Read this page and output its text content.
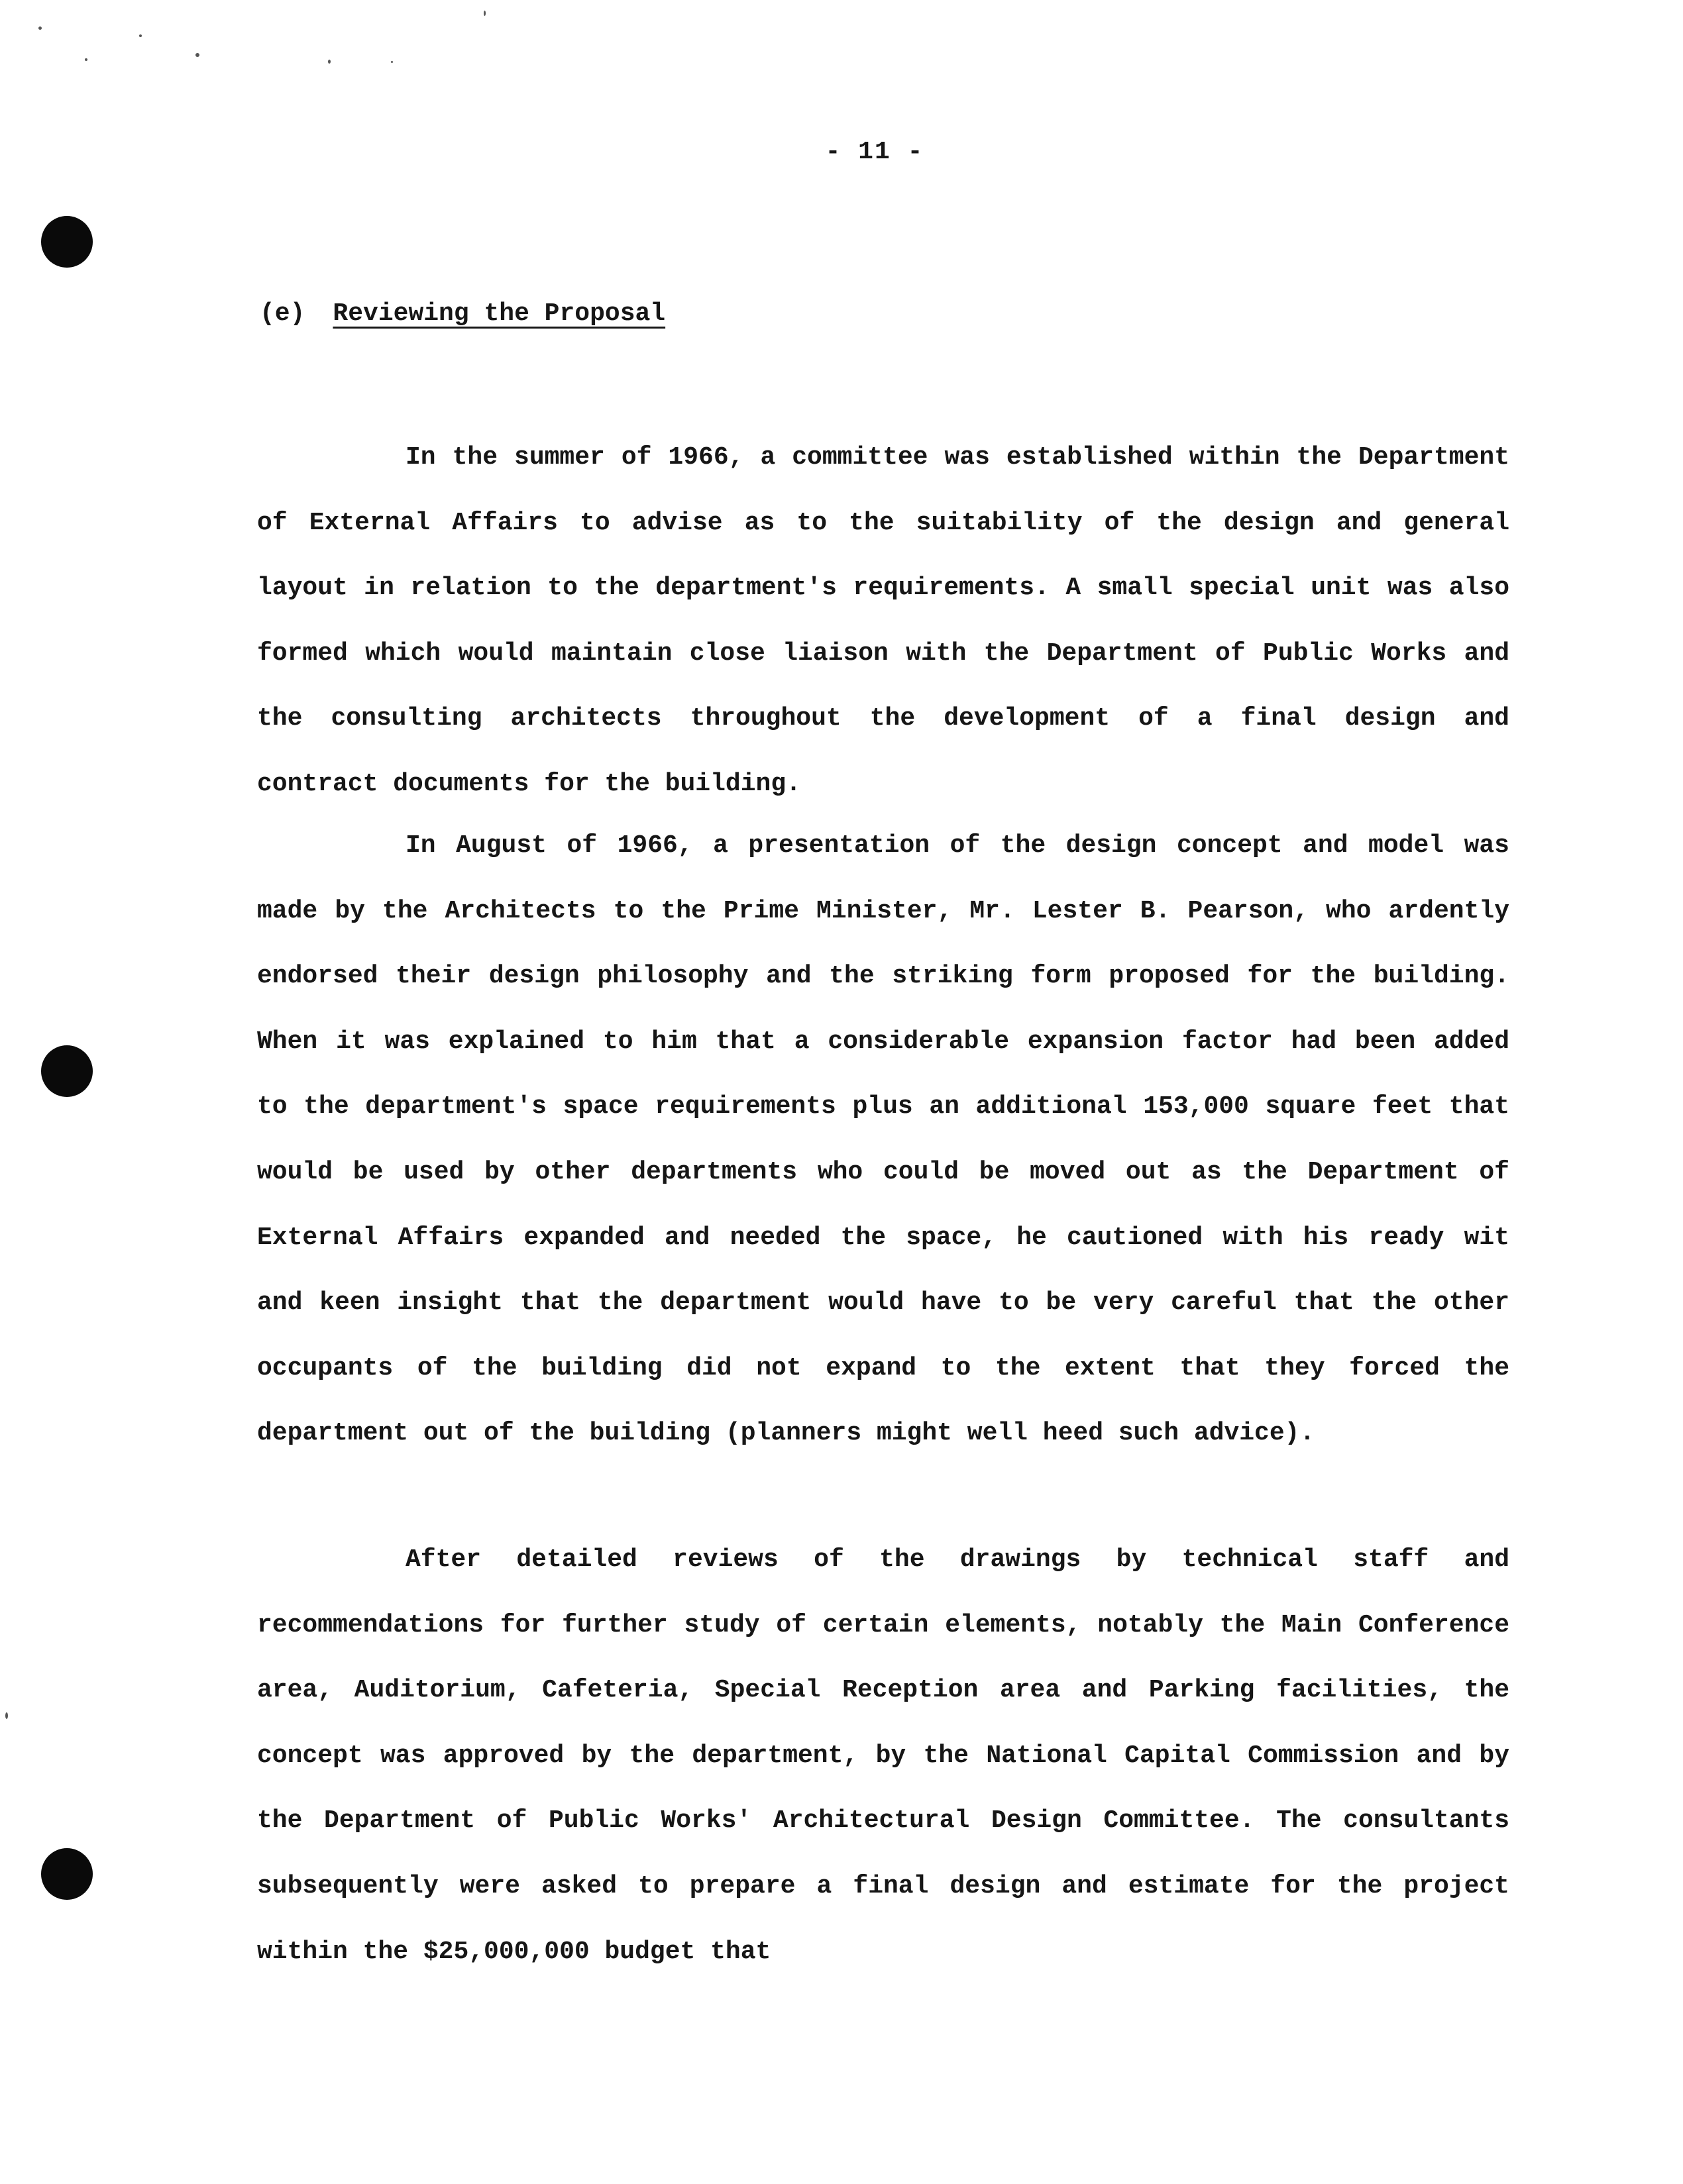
- 11 -
(e) Reviewing the Proposal

In the summer of 1966, a committee was established within the Department of External Affairs to advise as to the suitability of the design and general layout in relation to the department's requirements. A small special unit was also formed which would maintain close liaison with the Department of Public Works and the consulting architects throughout the development of a final design and contract documents for the building.

In August of 1966, a presentation of the design concept and model was made by the Architects to the Prime Minister, Mr. Lester B. Pearson, who ardently endorsed their design philosophy and the striking form proposed for the building. When it was explained to him that a considerable expansion factor had been added to the department's space requirements plus an additional 153,000 square feet that would be used by other departments who could be moved out as the Department of External Affairs expanded and needed the space, he cautioned with his ready wit and keen insight that the department would have to be very careful that the other occupants of the building did not expand to the extent that they forced the department out of the building (planners might well heed such advice).

After detailed reviews of the drawings by technical staff and recommendations for further study of certain elements, notably the Main Conference area, Auditorium, Cafeteria, Special Reception area and Parking facilities, the concept was approved by the department, by the National Capital Commission and by the Department of Public Works' Architectural Design Committee. The consultants subsequently were asked to prepare a final design and estimate for the project within the $25,000,000 budget that
